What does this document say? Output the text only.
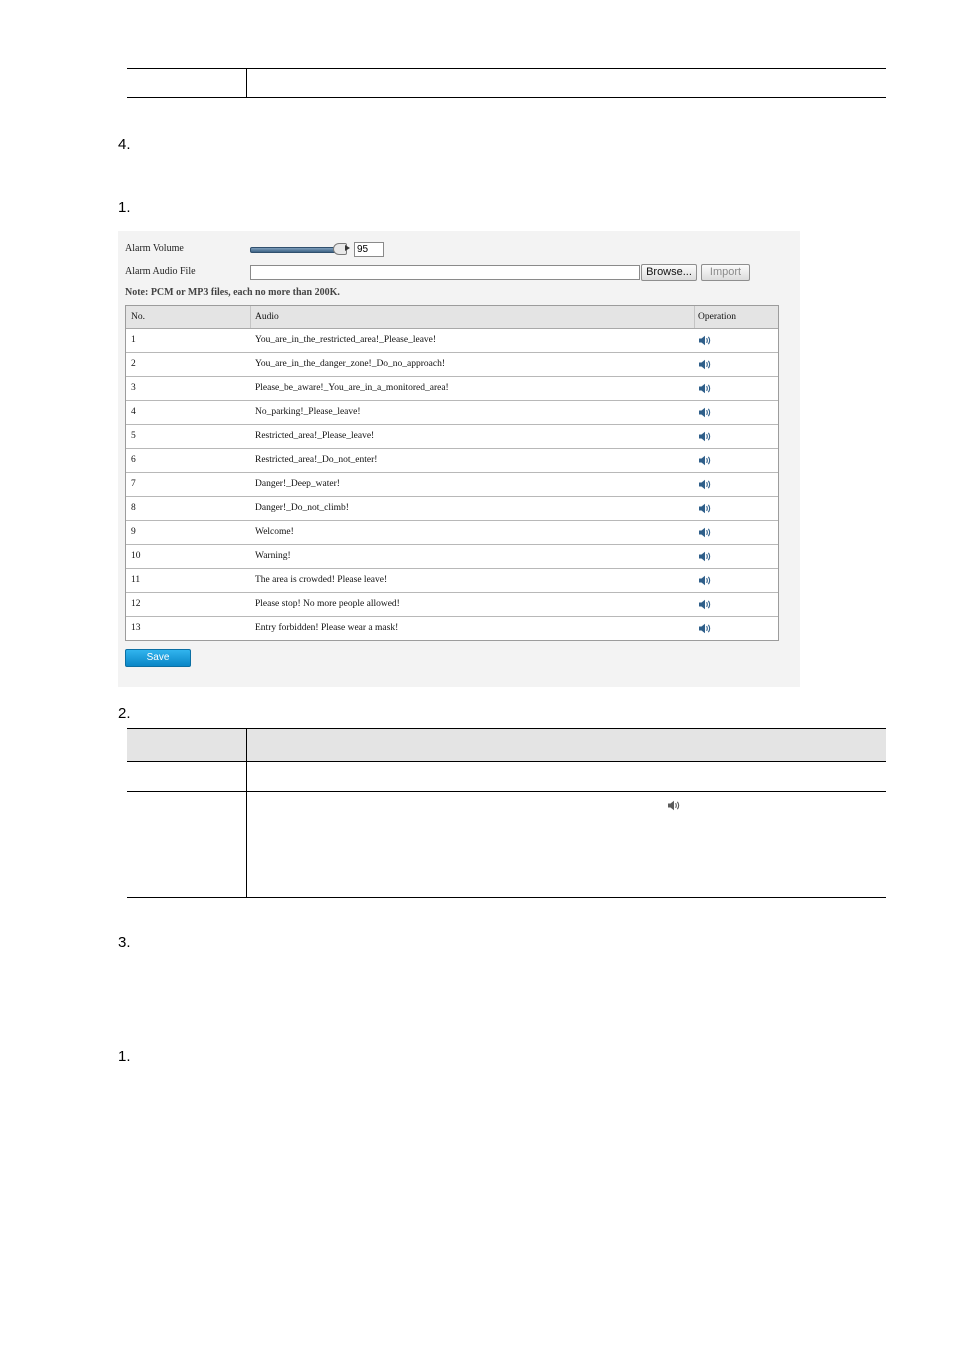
4.
1.
Alarm Volume	95
Alarm Audio File	Browse...	Import
Note: PCM or MP3 files, each no more than 200K.
No.	Audio	Operation
1	You_are_in_the_restricted_area!_Please_leave!
2	You_are_in_the_danger_zone!_Do_no_approach!
3	Please_be_aware!_You_are_in_a_monitored_area!
4	No_parking!_Please_leave!
5	Restricted_area!_Please_leave!
6	Restricted_area!_Do_not_enter!
7	Danger!_Deep_water!
8	Danger!_Do_not_climb!
9	Welcome!
10	Warning!
11	The area is crowded! Please leave!
12	Please stop! No more people allowed!
13	Entry forbidden! Please wear a mask!
Save
2.
3.
1.
